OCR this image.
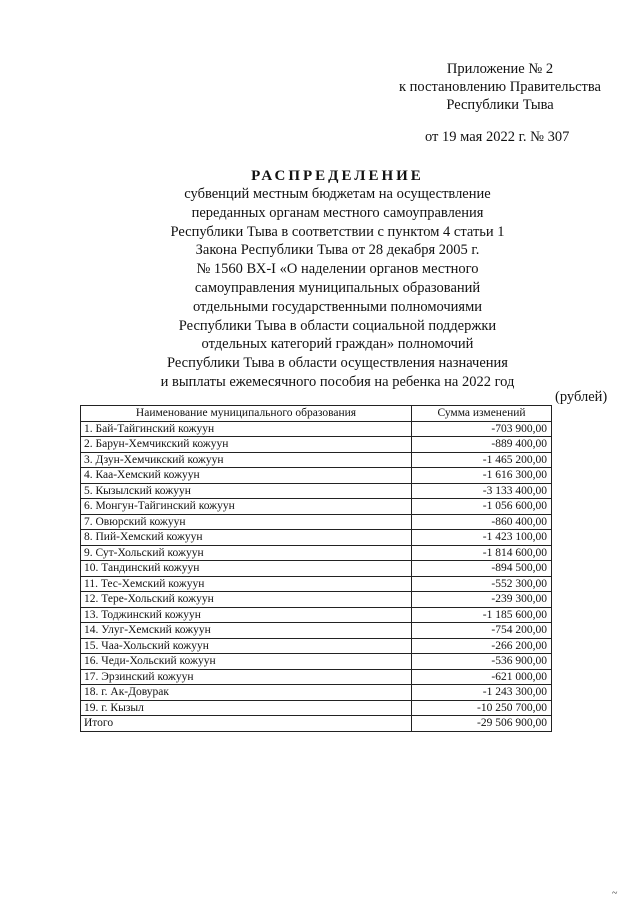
Приложение № 2
к постановлению Правительства
Республики Тыва
от 19 мая 2022 г. № 307
РАСПРЕДЕЛЕНИЕ
субвенций местным бюджетам на осуществление
переданных органам местного самоуправления
Республики Тыва в соответствии с пунктом 4 статьи 1
Закона Республики Тыва от 28 декабря 2005 г.
№ 1560 ВХ-I «О наделении органов местного
самоуправления муниципальных образований
отдельными государственными полномочиями
Республики Тыва в области социальной поддержки
отдельных категорий граждан» полномочий
Республики Тыва в области осуществления назначения
и выплаты ежемесячного пособия на ребенка на 2022 год
(рублей)
Наименование муниципального образования	Сумма изменений
1. Бай-Тайгинский кожуун	-703 900,00
2. Барун-Хемчикский кожуун	-889 400,00
3. Дзун-Хемчикский кожуун	-1 465 200,00
4. Каа-Хемский кожуун	-1 616 300,00
5. Кызылский кожуун	-3 133 400,00
6. Монгун-Тайгинский кожуун	-1 056 600,00
7. Овюрский кожуун	-860 400,00
8. Пий-Хемский кожуун	-1 423 100,00
9. Сут-Хольский кожуун	-1 814 600,00
10. Тандинский кожуун	-894 500,00
11. Тес-Хемский кожуун	-552 300,00
12. Тере-Хольский кожуун	-239 300,00
13. Тоджинский кожуун	-1 185 600,00
14. Улуг-Хемский кожуун	-754 200,00
15. Чаа-Хольский кожуун	-266 200,00
16. Чеди-Хольский кожуун	-536 900,00
17. Эрзинский кожуун	-621 000,00
18. г. Ак-Довурак	-1 243 300,00
19. г. Кызыл	-10 250 700,00
Итого	-29 506 900,00
~
